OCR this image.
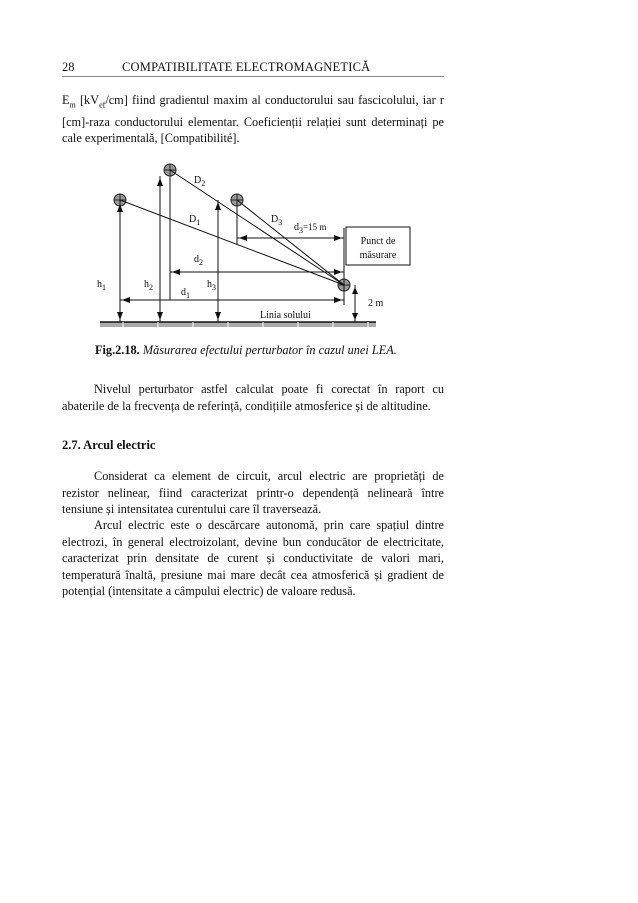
28	COMPATIBILITATE ELECTROMAGNETICĂ

$E_m$ $[kV_{ef}/cm]$ fiind gradientul maxim al conductorului sau fascicolului, iar r [cm]-raza conductorului elementar. Coeficienții relației sunt determinați pe cale experimentală, [Compatibilité].

$D_2$
$D_1$	$D_3$ $d_3=15$ m
$d_2$
$d_1$
$h_1$	$h_2$	$h_3$
Punct de
măsurare
2 m
Linia solului
Fig.2.18. Măsurarea efectului perturbator în cazul unei LEA.

Nivelul perturbator astfel calculat poate fi corectat în raport cu abaterile de la frecvența de referință, condițiile atmosferice și de altitudine.

2.7. Arcul electric

Considerat ca element de circuit, arcul electric are proprietăți de rezistor nelinear, fiind caracterizat printr-o dependență nelineară între tensiune și intensitatea curentului care îl traversează.

Arcul electric este o descărcare autonomă, prin care spațiul dintre electrozi, în general electroizolant, devine bun conducător de electricitate, caracterizat prin densitate de curent și conductivitate de valori mari, temperatură înaltă, presiune mai mare decât cea atmosferică și gradient de potențial (intensitate a câmpului electric) de valoare redusă.
